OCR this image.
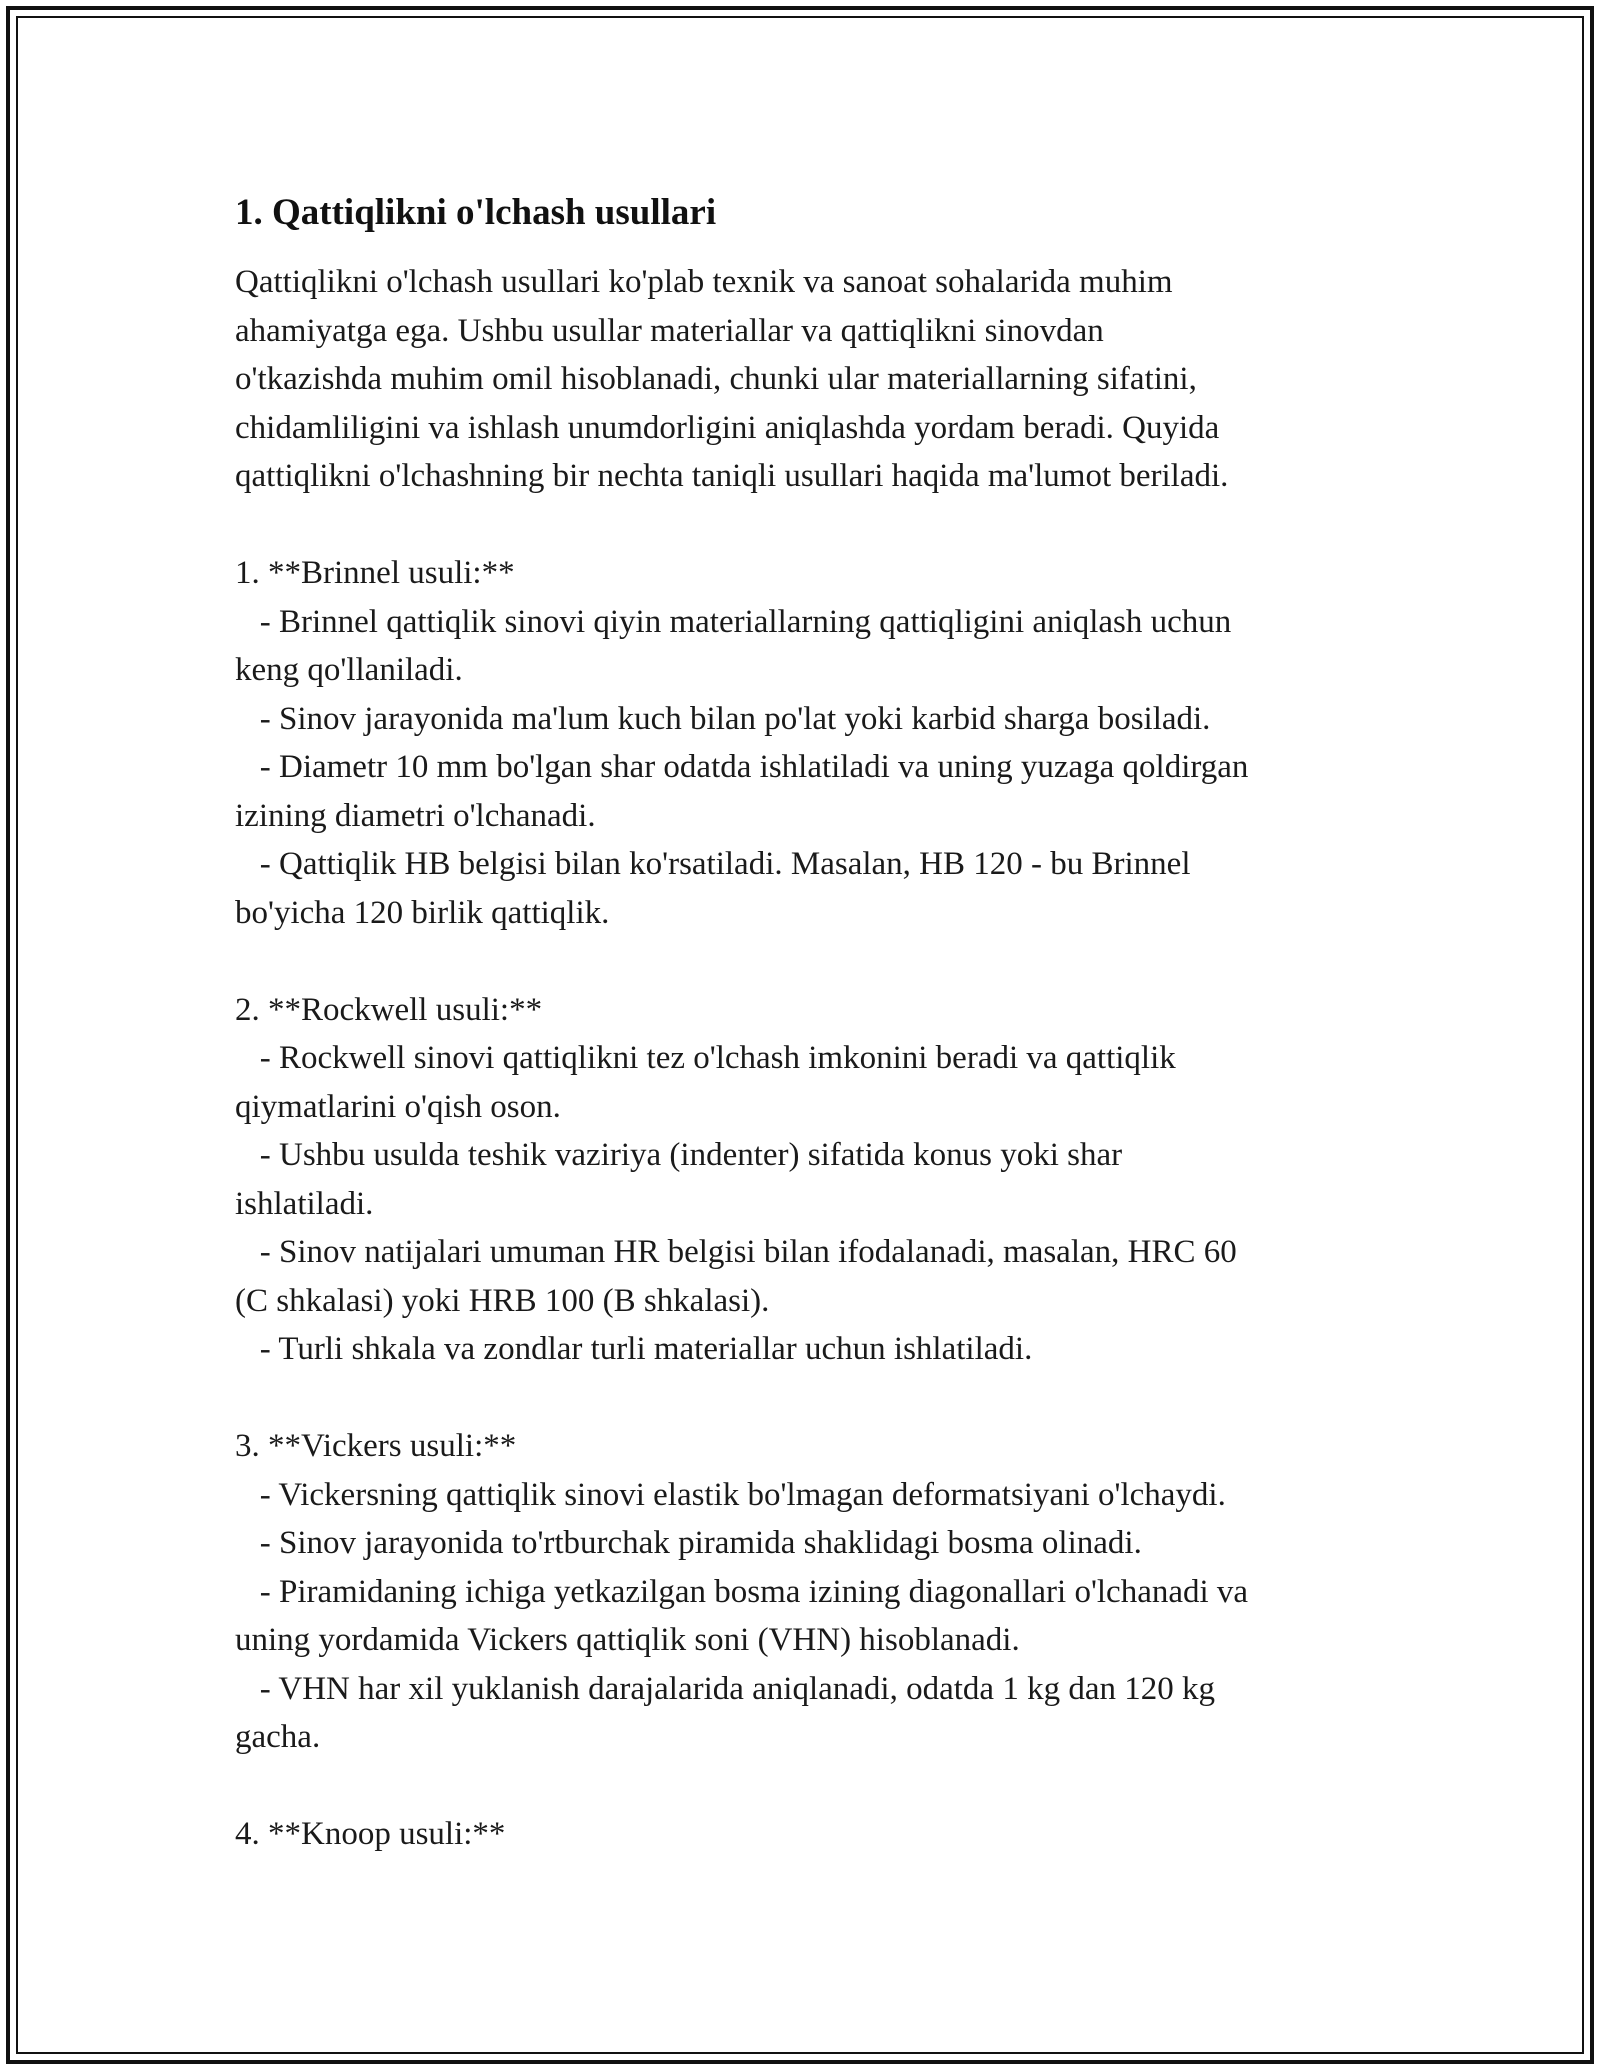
1. Qattiqlikni o'lchash usullari
Qattiqlikni o'lchash usullari ko'plab texnik va sanoat sohalarida muhim
ahamiyatga ega. Ushbu usullar materiallar va qattiqlikni sinovdan
o'tkazishda muhim omil hisoblanadi, chunki ular materiallarning sifatini,
chidamliligini va ishlash unumdorligini aniqlashda yordam beradi. Quyida
qattiqlikni o'lchashning bir nechta taniqli usullari haqida ma'lumot beriladi.
1. **Brinnel usuli:**
- Brinnel qattiqlik sinovi qiyin materiallarning qattiqligini aniqlash uchun
keng qo'llaniladi.
- Sinov jarayonida ma'lum kuch bilan po'lat yoki karbid sharga bosiladi.
- Diametr 10 mm bo'lgan shar odatda ishlatiladi va uning yuzaga qoldirgan
izining diametri o'lchanadi.
- Qattiqlik HB belgisi bilan ko'rsatiladi. Masalan, HB 120 - bu Brinnel
bo'yicha 120 birlik qattiqlik.
2. **Rockwell usuli:**
- Rockwell sinovi qattiqlikni tez o'lchash imkonini beradi va qattiqlik
qiymatlarini o'qish oson.
- Ushbu usulda teshik vaziriya (indenter) sifatida konus yoki shar
ishlatiladi.
- Sinov natijalari umuman HR belgisi bilan ifodalanadi, masalan, HRC 60
(C shkalasi) yoki HRB 100 (B shkalasi).
- Turli shkala va zondlar turli materiallar uchun ishlatiladi.
3. **Vickers usuli:**
- Vickersning qattiqlik sinovi elastik bo'lmagan deformatsiyani o'lchaydi.
- Sinov jarayonida to'rtburchak piramida shaklidagi bosma olinadi.
- Piramidaning ichiga yetkazilgan bosma izining diagonallari o'lchanadi va
uning yordamida Vickers qattiqlik soni (VHN) hisoblanadi.
- VHN har xil yuklanish darajalarida aniqlanadi, odatda 1 kg dan 120 kg
gacha.
4. **Knoop usuli:**
